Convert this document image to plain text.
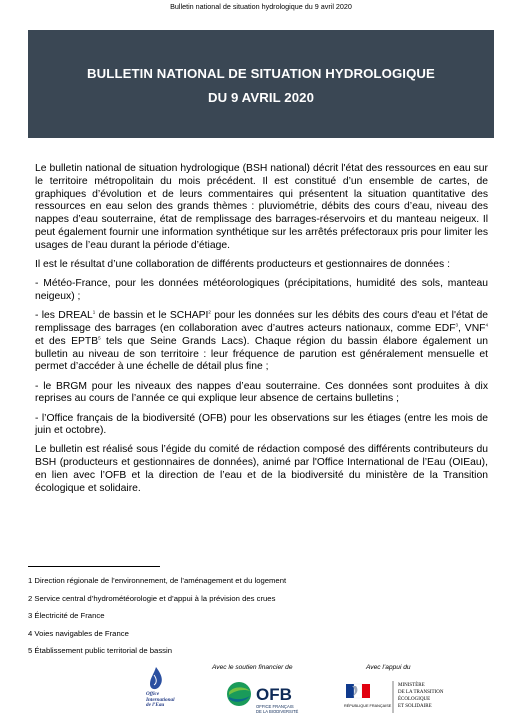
Bulletin national de situation hydrologique du 9 avril 2020
BULLETIN NATIONAL DE SITUATION HYDROLOGIQUE
DU 9 AVRIL 2020

Le bulletin national de situation hydrologique (BSH national) décrit l'état des ressources en eau sur le territoire métropolitain du mois précédent. Il est constitué d’un ensemble de cartes, de graphiques d’évolution et de leurs commentaires qui présentent la situation quantitative des ressources en eau selon des grands thèmes : pluviométrie, débits des cours d’eau, niveau des nappes d’eau souterraine, état de remplissage des barrages-réservoirs et du manteau neigeux. Il peut également fournir une information synthétique sur les arrêtés préfectoraux pris pour limiter les usages de l’eau durant la période d’étiage.

Il est le résultat d’une collaboration de différents producteurs et gestionnaires de données :

- Météo-France, pour les données météorologiques (précipitations, humidité des sols, manteau neigeux) ;

- les DREAL$^1$ de bassin et le SCHAPI$^2$ pour les données sur les débits des cours d'eau et l'état de remplissage des barrages (en collaboration avec d’autres acteurs nationaux, comme EDF$^3$, VNF$^4$ et des EPTB$^5$ tels que Seine Grands Lacs). Chaque région du bassin élabore également un bulletin au niveau de son territoire : leur fréquence de parution est généralement mensuelle et permet d’accéder à une échelle de détail plus fine ;

- le BRGM pour les niveaux des nappes d’eau souterraine. Ces données sont produites à dix reprises au cours de l’année ce qui explique leur absence de certains bulletins ;

- l’Office français de la biodiversité (OFB) pour les observations sur les étiages (entre les mois de juin et octobre).

Le bulletin est réalisé sous l’égide du comité de rédaction composé des différents contributeurs du BSH (producteurs et gestionnaires de données), animé par l'Office International de l’Eau (OIEau), en lien avec l’OFB et la direction de l’eau et de la biodiversité du ministère de la Transition écologique et solidaire.

1 Direction régionale de l’environnement, de l’aménagement et du logement
2 Service central d’hydrométéorologie et d’appui à la prévision des crues
3 Électricité de France
4 Voies navigables de France
5 Établissement public territorial de bassin
Avec le soutien financier de	Avec l’appui du
Office
International
de l’Eau
OFB
OFFICE FRANÇAIS
DE LA BIODIVERSITÉ
RÉPUBLIQUE FRANÇAISE
MINISTÈRE
DE LA TRANSITION
ÉCOLOGIQUE
ET SOLIDAIRE
